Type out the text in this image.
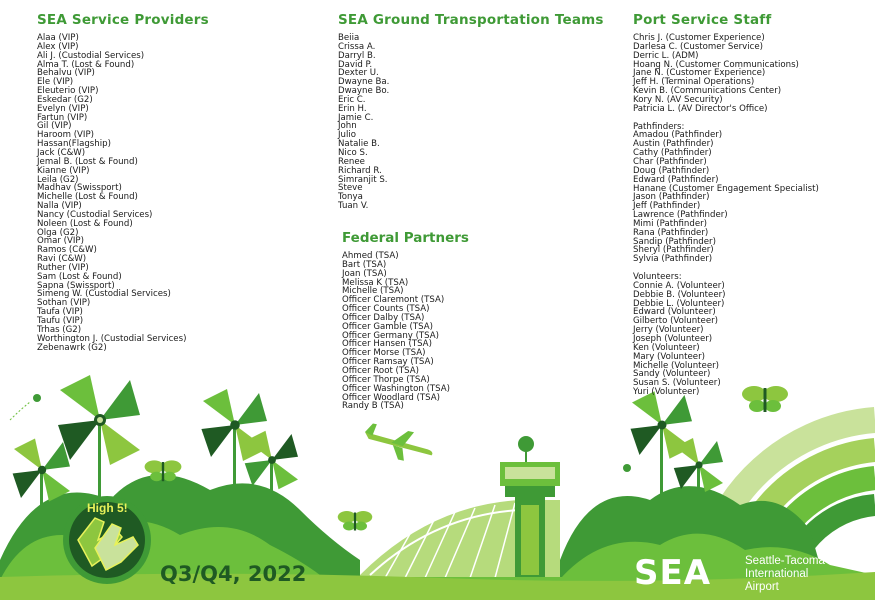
SEA Service Providers
Alaa (VIP)
Alex (VIP)
Ali J. (Custodial Services)
Alma T. (Lost & Found)
Behalvu (VIP)
Ele (VIP)
Eleuterio (VIP)
Eskedar (G2)
Evelyn (VIP)
Fartun (VIP)
Gil (VIP)
Haroom (VIP)
Hassan(Flagship)
Jack (C&W)
Jemal B. (Lost & Found)
Kianne (VIP)
Leila (G2)
Madhav (Swissport)
Michelle (Lost & Found)
Nalla (VIP)
Nancy (Custodial Services)
Noleen (Lost & Found)
Olga (G2)
Omar (VIP)
Ramos (C&W)
Ravi (C&W)
Ruther (VIP)
Sam (Lost & Found)
Sapna (Swissport)
Simeng W. (Custodial Services)
Sothan (VIP)
Taufa (VIP)
Taufu (VIP)
Trhas (G2)
Worthington J. (Custodial Services)
Zebenawrk (G2)
SEA Ground Transportation Teams
Beiia
Crissa A.
Darryl B.
David P.
Dexter U.
Dwayne Ba.
Dwayne Bo.
Eric C.
Erin H.
Jamie C.
John
Julio
Natalie B.
Nico S.
Renee
Richard R.
Simranjit S.
Steve
Tonya
Tuan V.
Federal Partners
Ahmed (TSA)
Bart (TSA)
Joan (TSA)
Melissa K (TSA)
Michelle (TSA)
Officer Claremont (TSA)
Officer Counts (TSA)
Officer Dalby (TSA)
Officer Gamble (TSA)
Officer Germany (TSA)
Officer Hansen (TSA)
Officer Morse (TSA)
Officer Ramsay (TSA)
Officer Root (TSA)
Officer Thorpe (TSA)
Officer Washington (TSA)
Officer Woodlard (TSA)
Randy B (TSA)
Port Service Staff
Chris J. (Customer Experience)
Darlesa C. (Customer Service)
Derric L. (ADM)
Hoang N. (Customer Communications)
Jane N. (Customer Experience)
Jeff H. (Terminal Operations)
Kevin B. (Communications Center)
Kory N. (AV Security)
Patricia L. (AV Director's Office)
Pathfinders:
Amadou (Pathfinder)
Austin (Pathfinder)
Cathy (Pathfinder)
Char (Pathfinder)
Doug (Pathfinder)
Edward (Pathfinder)
Hanane (Customer Engagement Specialist)
Jason (Pathfinder)
Jeff (Pathfinder)
Lawrence (Pathfinder)
Mimi (Pathfinder)
Rana (Pathfinder)
Sandip (Pathfinder)
Sheryl (Pathfinder)
Sylvia (Pathfinder)
Volunteers:
Connie A. (Volunteer)
Debbie B. (Volunteer)
Debbie L. (Volunteer)
Edward (Volunteer)
Gilberto (Volunteer)
Jerry (Volunteer)
Joseph (Volunteer)
Ken (Volunteer)
Mary (Volunteer)
Michelle (Volunteer)
Sandy (Volunteer)
Susan S. (Volunteer)
Yuri (Volunteer)
High 5!
Q3/Q4, 2022	SEA	Seattle-Tacoma
International
Airport
